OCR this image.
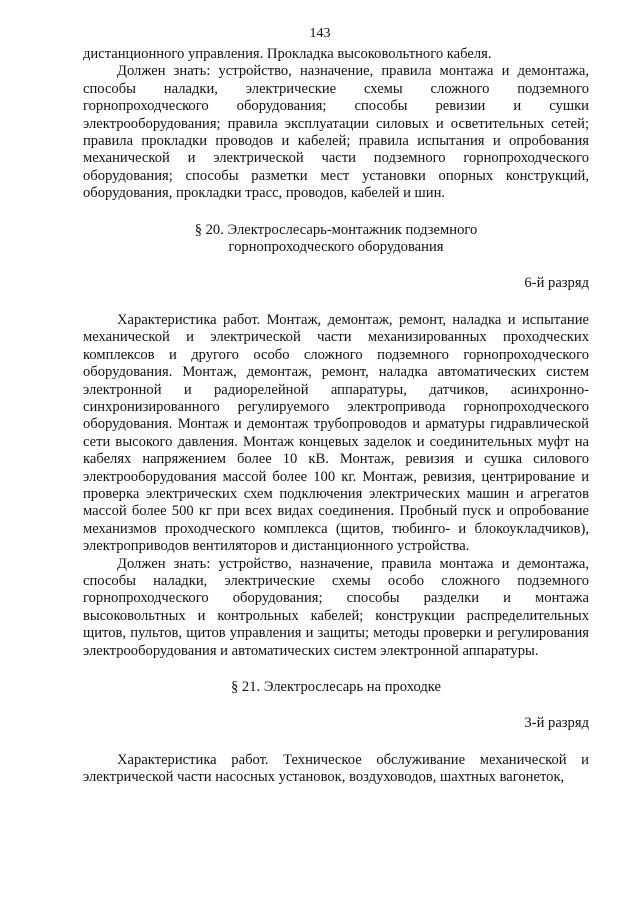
143

дистанционного управления. Прокладка высоковольтного кабеля.

Должен знать: устройство, назначение, правила монтажа и демонтажа, способы наладки, электрические схемы сложного подземного горнопроходческого оборудования; способы ревизии и сушки электрооборудования; правила эксплуатации силовых и осветительных сетей; правила прокладки проводов и кабелей; правила испытания и опробования механической и электрической части подземного горнопроходческого оборудования; способы разметки мест установки опорных конструкций, оборудования, прокладки трасс, проводов, кабелей и шин.

§ 20. Электрослесарь-монтажник подземного

горнопроходческого оборудования

6-й разряд

Характеристика работ. Монтаж, демонтаж, ремонт, наладка и испытание механической и электрической части механизированных проходческих комплексов и другого особо сложного подземного горнопроходческого оборудования. Монтаж, демонтаж, ремонт, наладка автоматических систем электронной и радиорелейной аппаратуры, датчиков, асинхронно-синхронизированного регулируемого электропривода горнопроходческого оборудования. Монтаж и демонтаж трубопроводов и арматуры гидравлической сети высокого давления. Монтаж концевых заделок и соединительных муфт на кабелях напряжением более 10 кВ. Монтаж, ревизия и сушка силового электрооборудования массой более 100 кг. Монтаж, ревизия, центрирование и проверка электрических схем подключения электрических машин и агрегатов массой более 500 кг при всех видах соединения. Пробный пуск и опробование механизмов проходческого комплекса (щитов, тюбинго- и блокоукладчиков), электроприводов вентиляторов и дистанционного устройства.

Должен знать: устройство, назначение, правила монтажа и демонтажа, способы наладки, электрические схемы особо сложного подземного горнопроходческого оборудования; способы разделки и монтажа высоковольтных и контрольных кабелей; конструкции распределительных щитов, пультов, щитов управления и защиты; методы проверки и регулирования электрооборудования и автоматических систем электронной аппаратуры.

§ 21. Электрослесарь на проходке

3-й разряд

Характеристика работ. Техническое обслуживание механической и электрической части насосных установок, воздуховодов, шахтных вагонеток,
